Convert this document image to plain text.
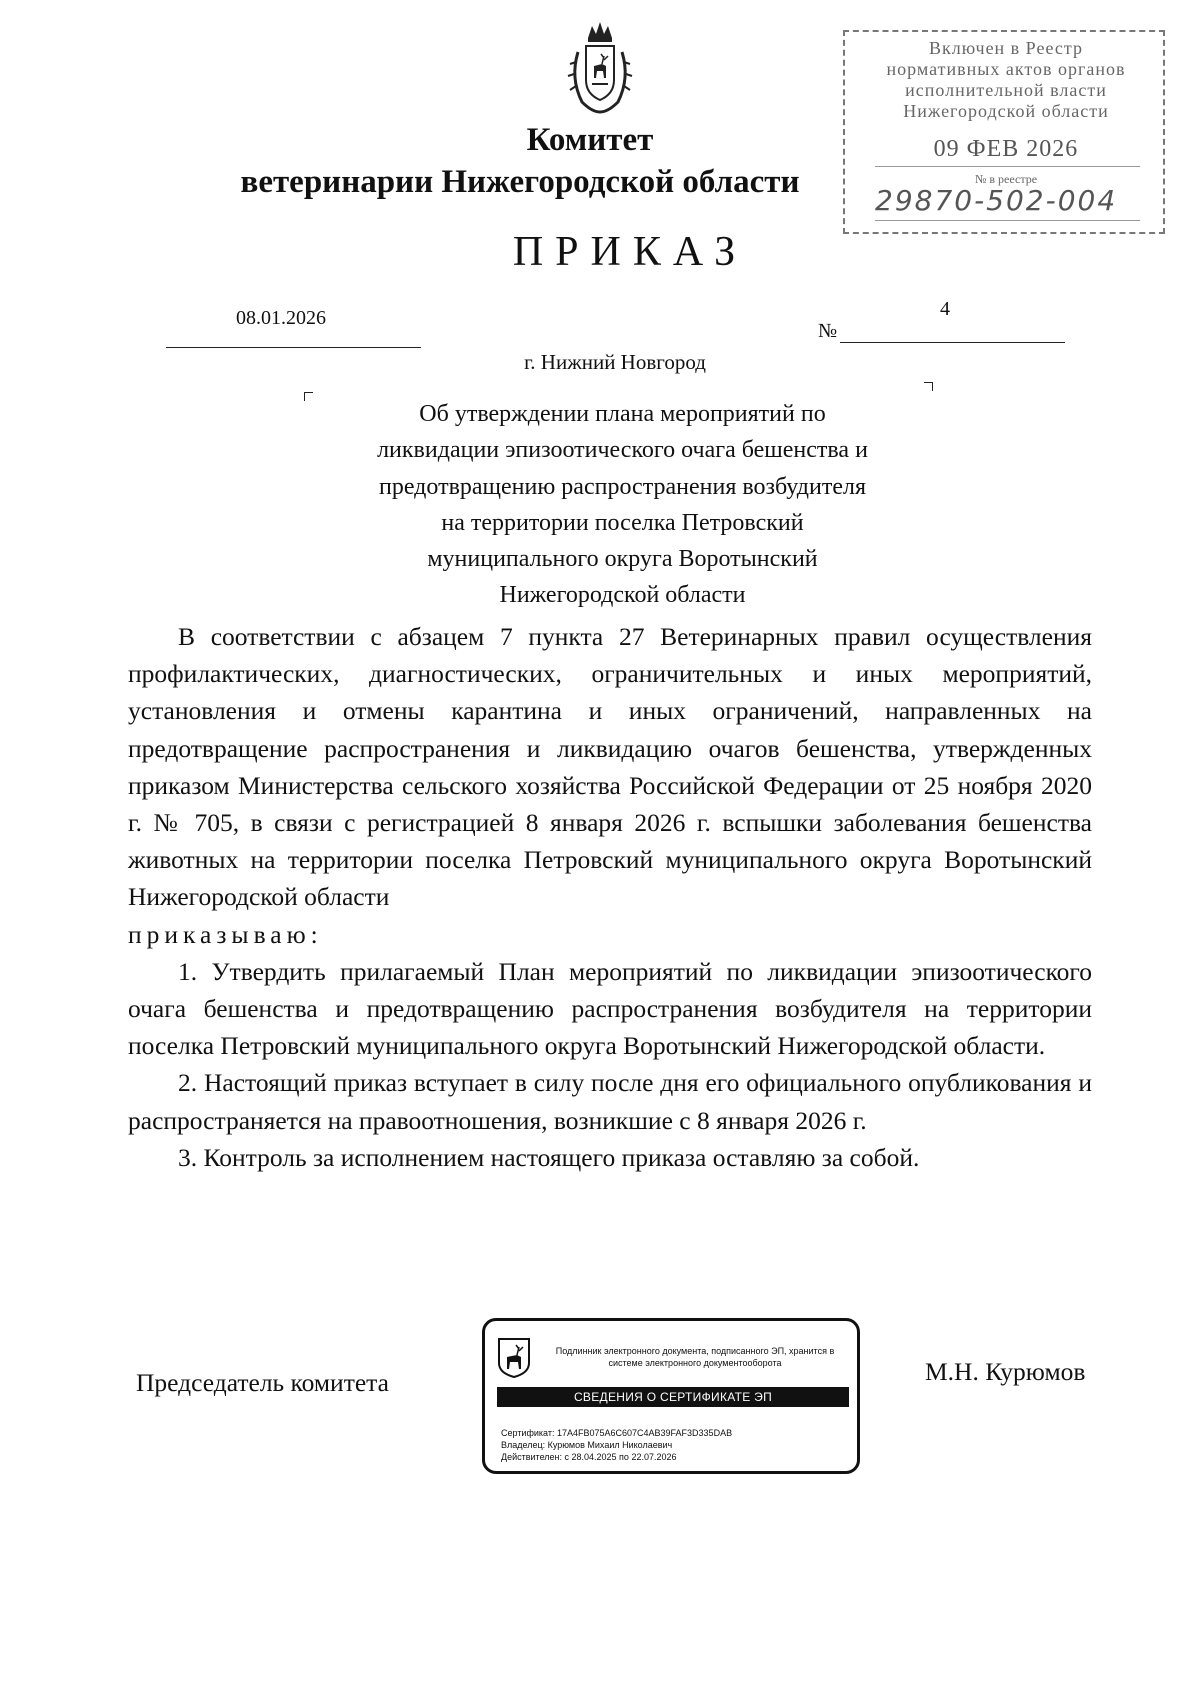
Комитет
ветеринарии Нижегородской области
ПРИКАЗ
08.01.2026
№
4
г. Нижний Новгород
Об утверждении плана мероприятий по
ликвидации эпизоотического очага бешенства и
предотвращению распространения возбудителя
на территории поселка Петровский
муниципального округа Воротынский
Нижегородской области

В соответствии с абзацем 7 пункта 27 Ветеринарных правил осуществления профилактических, диагностических, ограничительных и иных мероприятий, установления и отмены карантина и иных ограничений, направленных на предотвращение распространения и ликвидацию очагов бешенства, утвержденных приказом Министерства сельского хозяйства Российской Федерации от 25 ноября 2020 г. № 705, в связи с регистрацией 8 января 2026 г. вспышки заболевания бешенства животных на территории поселка Петровский муниципального округа Воротынский Нижегородской области

приказываю:

1. Утвердить прилагаемый План мероприятий по ликвидации эпизоотического очага бешенства и предотвращению распространения возбудителя на территории поселка Петровский муниципального округа Воротынский Нижегородской области.

2. Настоящий приказ вступает в силу после дня его официального опубликования и распространяется на правоотношения, возникшие с 8 января 2026 г.

3. Контроль за исполнением настоящего приказа оставляю за собой.

Председатель комитета	М.Н. Курюмов
Подлинник электронного документа, подписанного ЭП, хранится в системе электронного документооборота
СВЕДЕНИЯ О СЕРТИФИКАТЕ ЭП
Сертификат: 17A4FB075A6C607C4AB39FAF3D335DAB
Владелец: Курюмов Михаил Николаевич
Действителен: с 28.04.2025 по 22.07.2026
Включен в Реестр
нормативных актов органов
исполнительной власти
Нижегородской области
09 ФЕВ 2026
№ в реестре
29870-502-004
